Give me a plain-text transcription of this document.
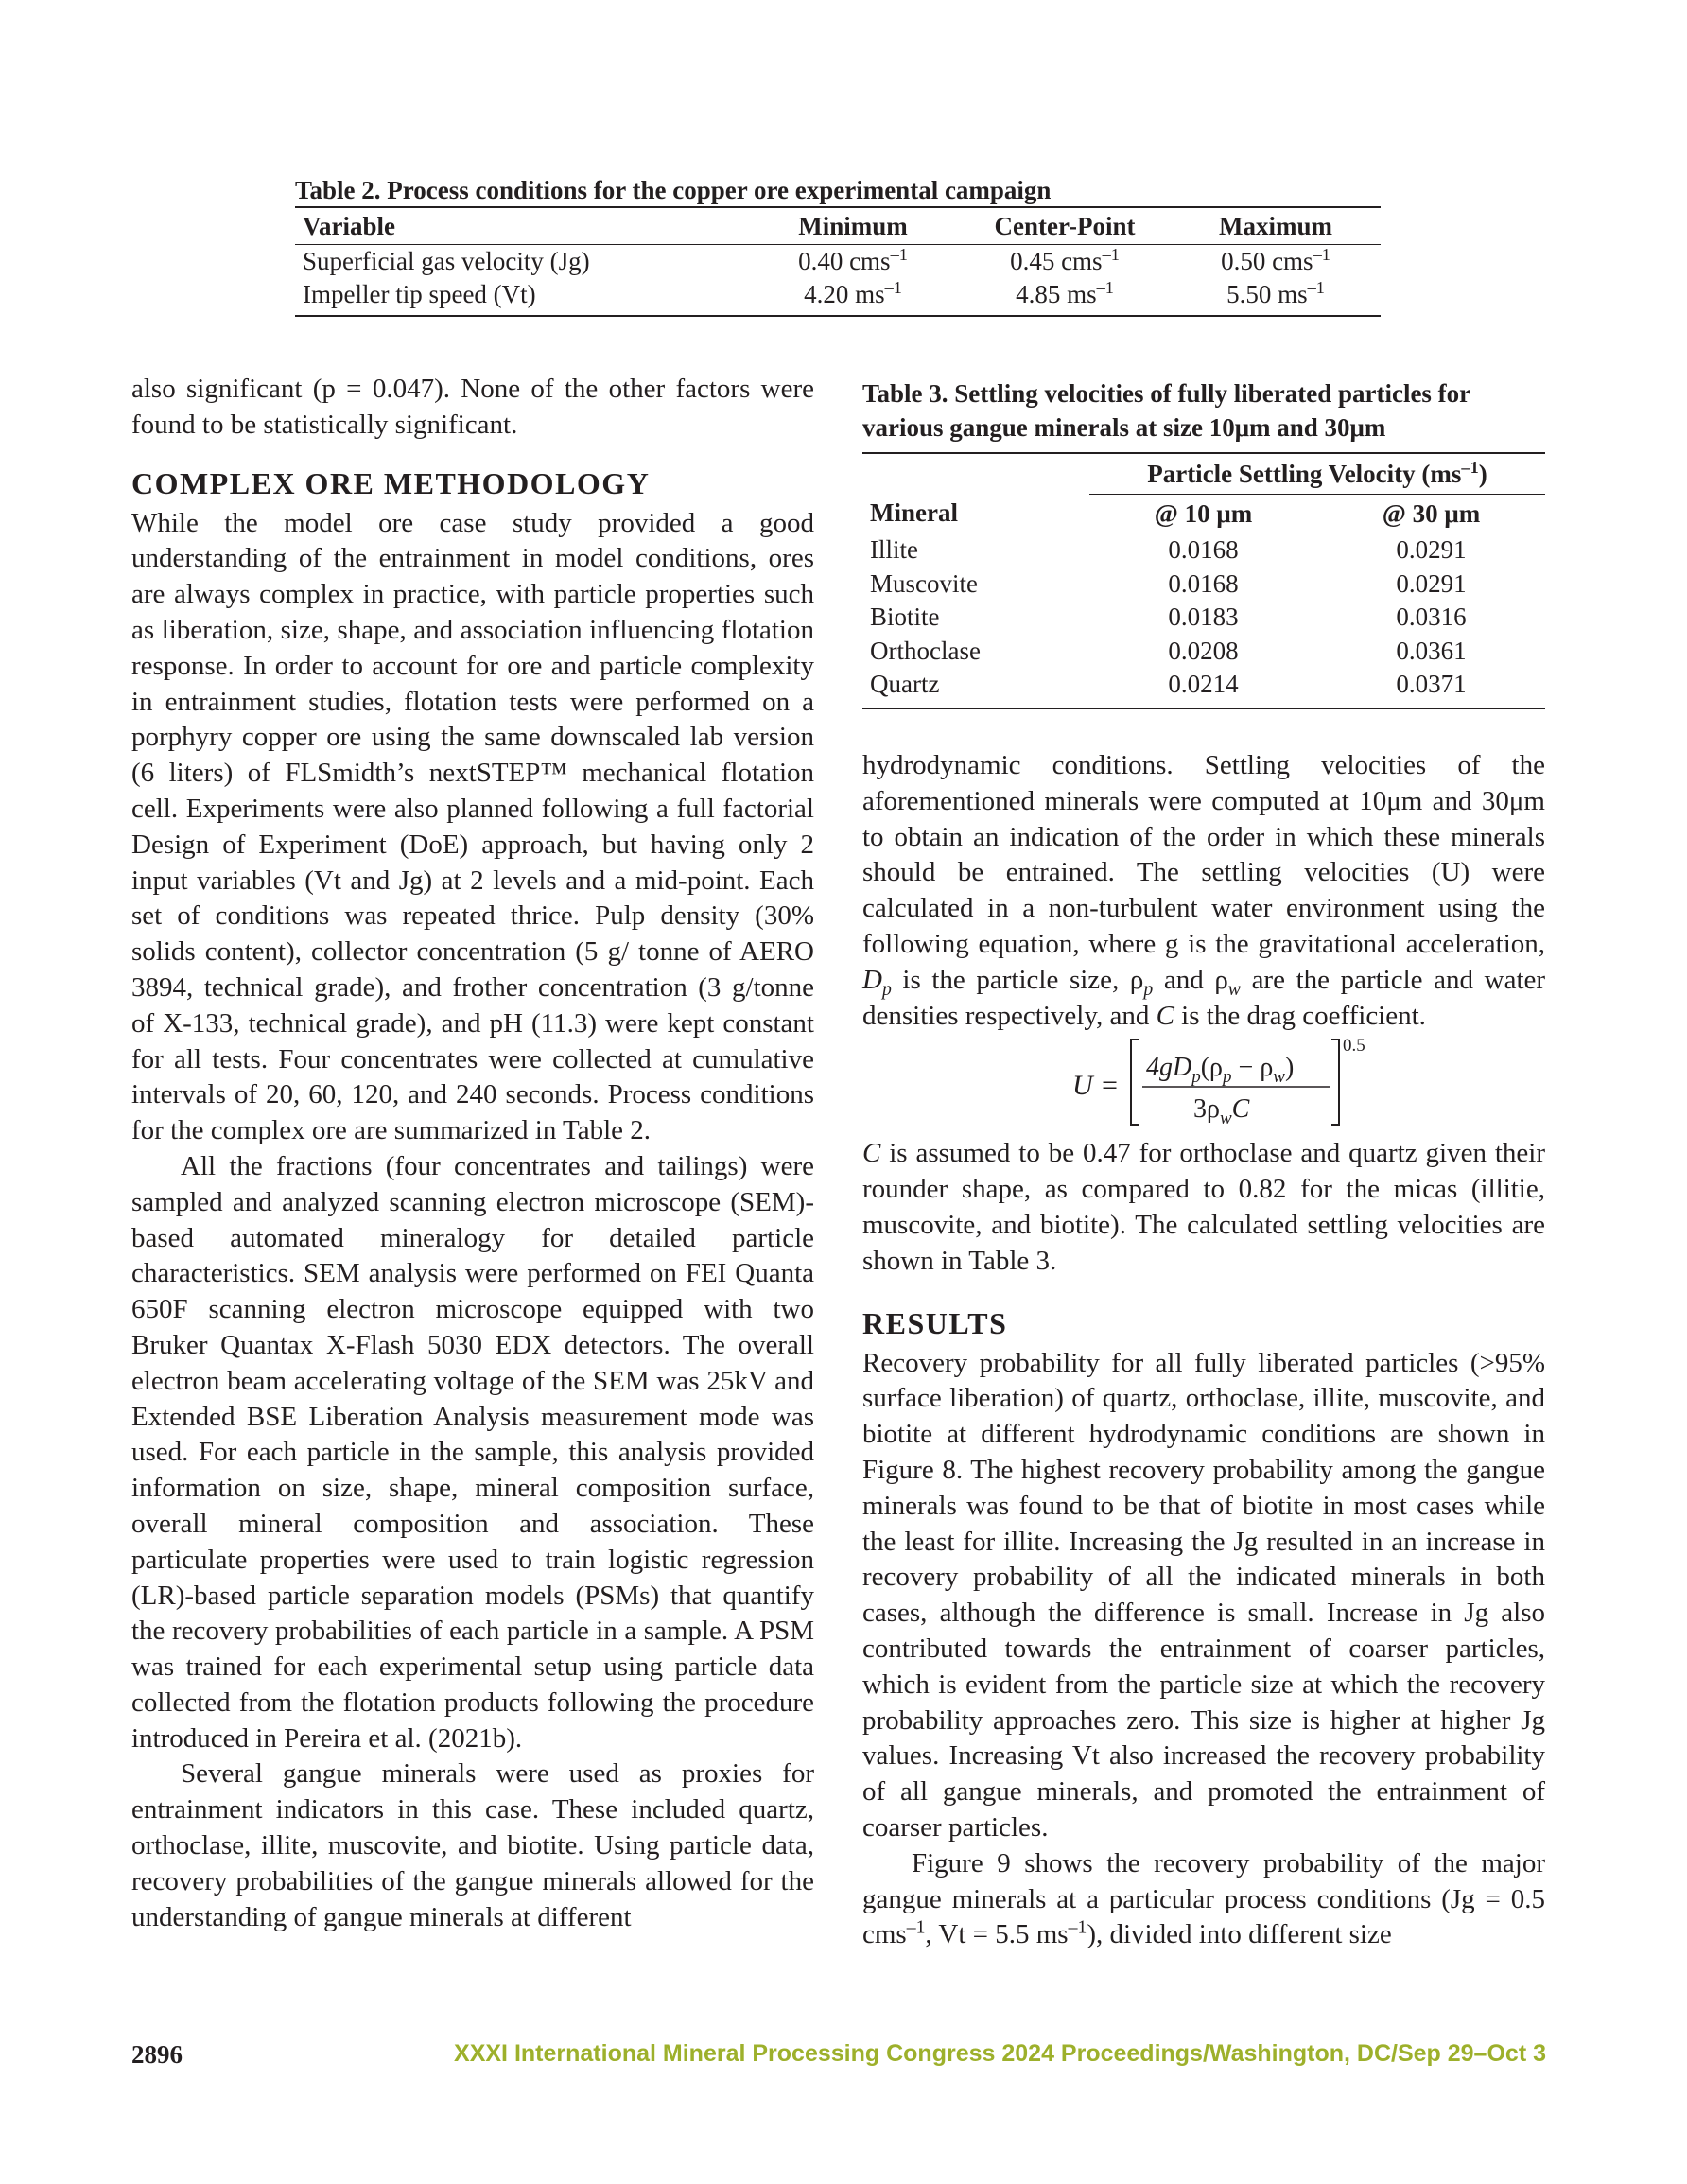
Table 2. Process conditions for the copper ore experimental campaign
Variable	Minimum	Center-Point	Maximum
Superficial gas velocity (Jg)	0.40 cms$^{-1}$	0.45 cms$^{-1}$	0.50 cms$^{-1}$
Impeller tip speed (Vt)	4.20 $ms^{-1}$	4.85 $ms^{-1}$	5.50 $ms^{-1}$

also significant (p = 0.047). None of the other factors were found to be statistically significant.

COMPLEX ORE METHODOLOGY

While the model ore case study provided a good understanding of the entrainment in model conditions, ores are always complex in practice, with particle properties such as liberation, size, shape, and association influencing flotation response. In order to account for ore and particle complexity in entrainment studies, flotation tests were performed on a porphyry copper ore using the same downscaled lab version (6 liters) of FLSmidth’s nextSTEP™ mechanical flotation cell. Experiments were also planned following a full factorial Design of Experiment (DoE) approach, but having only 2 input variables (Vt and Jg) at 2 levels and a mid-point. Each set of conditions was repeated thrice. Pulp density (30% solids content), collector concentration (5 g/ tonne of AERO 3894, technical grade), and frother concentration (3 g/tonne of X-133, technical grade), and pH (11.3) were kept constant for all tests. Four concentrates were collected at cumulative intervals of 20, 60, 120, and 240 seconds. Process conditions for the complex ore are summarized in Table 2.

All the fractions (four concentrates and tailings) were sampled and analyzed scanning electron microscope (SEM)-based automated mineralogy for detailed particle characteristics. SEM analysis were performed on FEI Quanta 650F scanning electron microscope equipped with two Bruker Quantax X-Flash 5030 EDX detectors. The overall electron beam accelerating voltage of the SEM was 25kV and Extended BSE Liberation Analysis measurement mode was used. For each particle in the sample, this analysis provided information on size, shape, mineral composition surface, overall mineral composition and association. These particulate properties were used to train logistic regression (LR)-based particle separation models (PSMs) that quantify the recovery probabilities of each particle in a sample. A PSM was trained for each experimental setup using particle data collected from the flotation products following the procedure introduced in Pereira et al. (2021b).

Several gangue minerals were used as proxies for entrainment indicators in this case. These included quartz, orthoclase, illite, muscovite, and biotite. Using particle data, recovery probabilities of the gangue minerals allowed for the understanding of gangue minerals at different

Table 3. Settling velocities of fully liberated particles for various gangue minerals at size 10μm and 30μm
	Particle Settling Velocity $(ms^{-1})$	
Mineral	@ 10 μm	@ 30 μm
Illite	0.0168	0.0291
Muscovite	0.0168	0.0291
Biotite	0.0183	0.0316
Orthoclase	0.0208	0.0361
Quartz	0.0214	0.0371

hydrodynamic conditions. Settling velocities of the aforementioned minerals were computed at 10μm and 30μm to obtain an indication of the order in which these minerals should be entrained. The settling velocities (U) were calculated in a non-turbulent water environment using the following equation, where g is the gravitational acceleration, $D_p$ is the particle size, $\rho_p$ and $\rho_w$ are the particle and water densities respectively, and C is the drag coefficient.

U =
$4gD_p(\rho_p - \rho_w)$
$3\rho_wC$
0.5

C is assumed to be 0.47 for orthoclase and quartz given their rounder shape, as compared to 0.82 for the micas (illitie, muscovite, and biotite). The calculated settling velocities are shown in Table 3.

RESULTS

Recovery probability for all fully liberated particles (>95% surface liberation) of quartz, orthoclase, illite, muscovite, and biotite at different hydrodynamic conditions are shown in Figure 8. The highest recovery probability among the gangue minerals was found to be that of biotite in most cases while the least for illite. Increasing the Jg resulted in an increase in recovery probability of all the indicated minerals in both cases, although the difference is small. Increase in Jg also contributed towards the entrainment of coarser particles, which is evident from the particle size at which the recovery probability approaches zero. This size is higher at higher Jg values. Increasing Vt also increased the recovery probability of all gangue minerals, and promoted the entrainment of coarser particles.

Figure 9 shows the recovery probability of the major gangue minerals at a particular process conditions (Jg = 0.5 cms$^{-1}$, Vt = 5.5 $ms^{-1}$), divided into different size

2896	XXXI International Mineral Processing Congress 2024 Proceedings/Washington, DC/Sep 29–Oct 3
